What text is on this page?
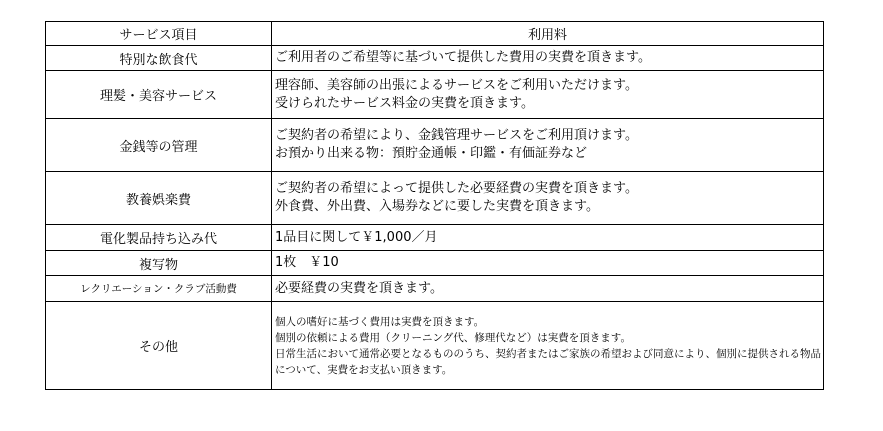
サービス項目	利用料
特別な飲食代	ご利用者のご希望等に基づいて提供した費用の実費を頂きます。

理髪・美容サービス	理容師、美容師の出張によるサービスをご利用いただけます。
受けられたサービス料金の実費を頂きます。

金銭等の管理	ご契約者の希望により、金銭管理サービスをご利用頂けます。
お預かり出来る物：預貯金通帳・印鑑・有価証券など

教養娯楽費	ご契約者の希望によって提供した必要経費の実費を頂きます。
外食費、外出費、入場券などに要した実費を頂きます。

電化製品持ち込み代	1品目に関して￥1,000／月

複写物	1枚　￥10

レクリエーション・クラブ活動費	必要経費の実費を頂きます。

その他	個人の嗜好に基づく費用は実費を頂きます。
個別の依頼による費用（クリーニング代、修理代など）は実費を頂きます。
日常生活において通常必要となるもののうち、契約者またはご家族の希望および同意により、個別に提供される物品について、実費をお支払い頂きます。
